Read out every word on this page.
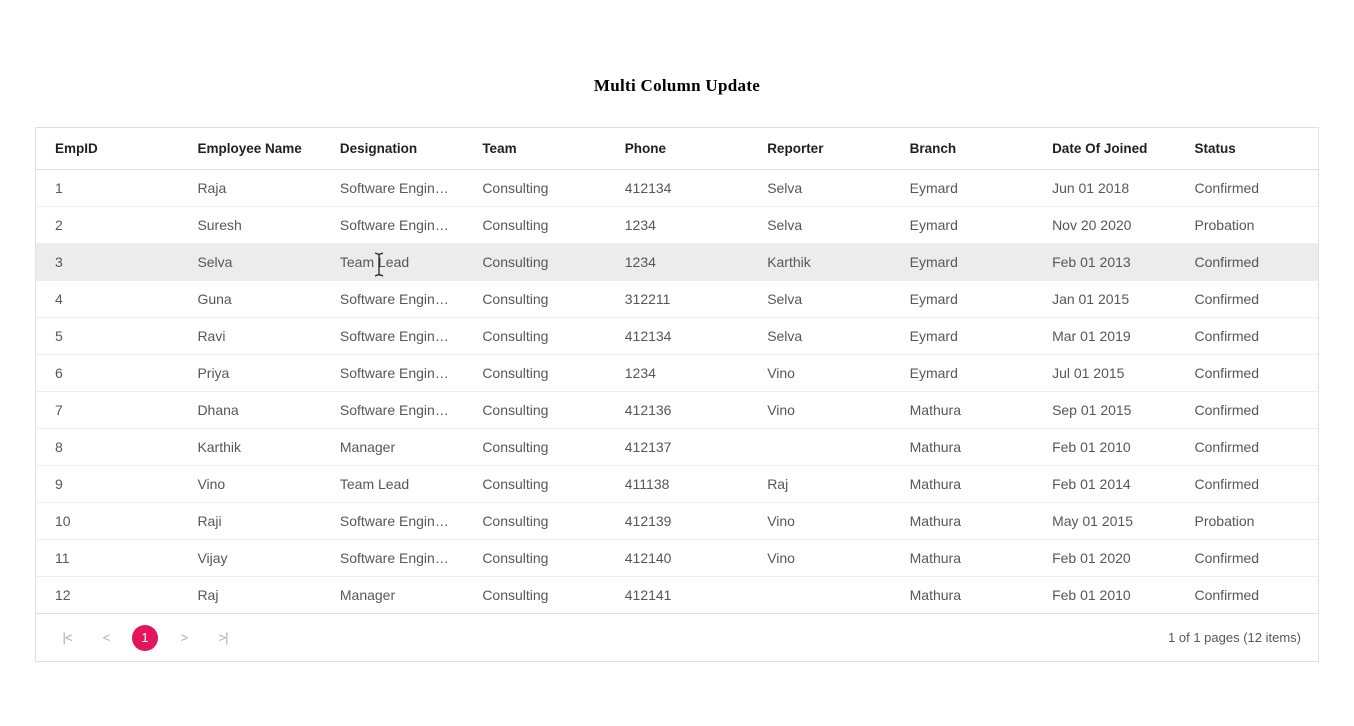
Multi Column Update
EmpID	Employee Name	Designation	Team	Phone	Reporter	Branch	Date Of Joined	Status
1	Raja	Software Engin…	Consulting	412134	Selva	Eymard	Jun 01 2018	Confirmed
2	Suresh	Software Engin…	Consulting	1234	Selva	Eymard	Nov 20 2020	Probation
3	Selva	Team Lead	Consulting	1234	Karthik	Eymard	Feb 01 2013	Confirmed
4	Guna	Software Engin…	Consulting	312211	Selva	Eymard	Jan 01 2015	Confirmed
5	Ravi	Software Engin…	Consulting	412134	Selva	Eymard	Mar 01 2019	Confirmed
6	Priya	Software Engin…	Consulting	1234	Vino	Eymard	Jul 01 2015	Confirmed
7	Dhana	Software Engin…	Consulting	412136	Vino	Mathura	Sep 01 2015	Confirmed
8	Karthik	Manager	Consulting	412137		Mathura	Feb 01 2010	Confirmed
9	Vino	Team Lead	Consulting	411138	Raj	Mathura	Feb 01 2014	Confirmed
10	Raji	Software Engin…	Consulting	412139	Vino	Mathura	May 01 2015	Probation
11	Vijay	Software Engin…	Consulting	412140	Vino	Mathura	Feb 01 2020	Confirmed
12	Raj	Manager	Consulting	412141		Mathura	Feb 01 2010	Confirmed
|<	<	1	>	>|	1 of 1 pages (12 items)
